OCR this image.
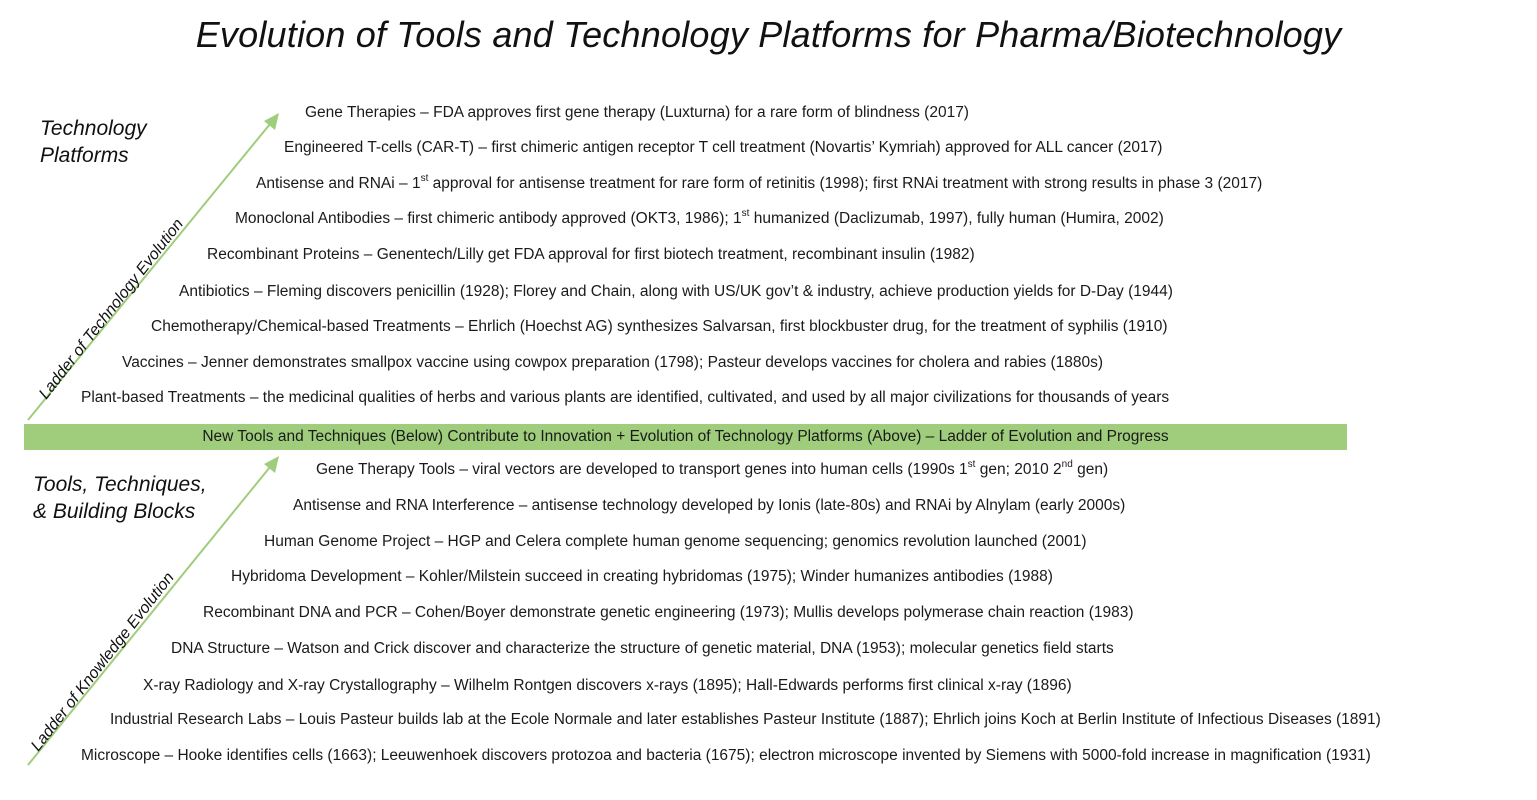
Evolution of Tools and Technology Platforms for Pharma/Biotechnology
Technology
Platforms
Tools, Techniques,
& Building Blocks
Ladder of Technology Evolution
Ladder of Knowledge Evolution
Gene Therapies – FDA approves first gene therapy (Luxturna) for a rare form of blindness (2017)
Engineered T-cells (CAR-T) – first chimeric antigen receptor T cell treatment (Novartis’ Kymriah) approved for ALL cancer (2017)
Antisense and RNAi – 1st approval for antisense treatment for rare form of retinitis (1998); first RNAi treatment with strong results in phase 3 (2017)
Monoclonal Antibodies – first chimeric antibody approved (OKT3, 1986); 1st humanized (Daclizumab, 1997), fully human (Humira, 2002)
Recombinant Proteins – Genentech/Lilly get FDA approval for first biotech treatment, recombinant insulin (1982)
Antibiotics – Fleming discovers penicillin (1928); Florey and Chain, along with US/UK gov’t & industry, achieve production yields for D-Day (1944)
Chemotherapy/Chemical-based Treatments – Ehrlich (Hoechst AG) synthesizes Salvarsan, first blockbuster drug, for the treatment of syphilis (1910)
Vaccines – Jenner demonstrates smallpox vaccine using cowpox preparation (1798); Pasteur develops vaccines for cholera and rabies (1880s)
Plant-based Treatments – the medicinal qualities of herbs and various plants are identified, cultivated, and used by all major civilizations for thousands of years
New Tools and Techniques (Below) Contribute to Innovation + Evolution of Technology Platforms (Above) – Ladder of Evolution and Progress
Gene Therapy Tools – viral vectors are developed to transport genes into human cells (1990s 1st gen; 2010 2nd gen)
Antisense and RNA Interference – antisense technology developed by Ionis (late-80s) and RNAi by Alnylam (early 2000s)
Human Genome Project – HGP and Celera complete human genome sequencing; genomics revolution launched (2001)
Hybridoma Development – Kohler/Milstein succeed in creating hybridomas (1975); Winder humanizes antibodies (1988)
Recombinant DNA and PCR – Cohen/Boyer demonstrate genetic engineering (1973); Mullis develops polymerase chain reaction (1983)
DNA Structure – Watson and Crick discover and characterize the structure of genetic material, DNA (1953); molecular genetics field starts
X-ray Radiology and X-ray Crystallography – Wilhelm Rontgen discovers x-rays (1895); Hall-Edwards performs first clinical x-ray (1896)
Industrial Research Labs – Louis Pasteur builds lab at the Ecole Normale and later establishes Pasteur Institute (1887); Ehrlich joins Koch at Berlin Institute of Infectious Diseases (1891)
Microscope – Hooke identifies cells (1663); Leeuwenhoek discovers protozoa and bacteria (1675); electron microscope invented by Siemens with 5000-fold increase in magnification (1931)
